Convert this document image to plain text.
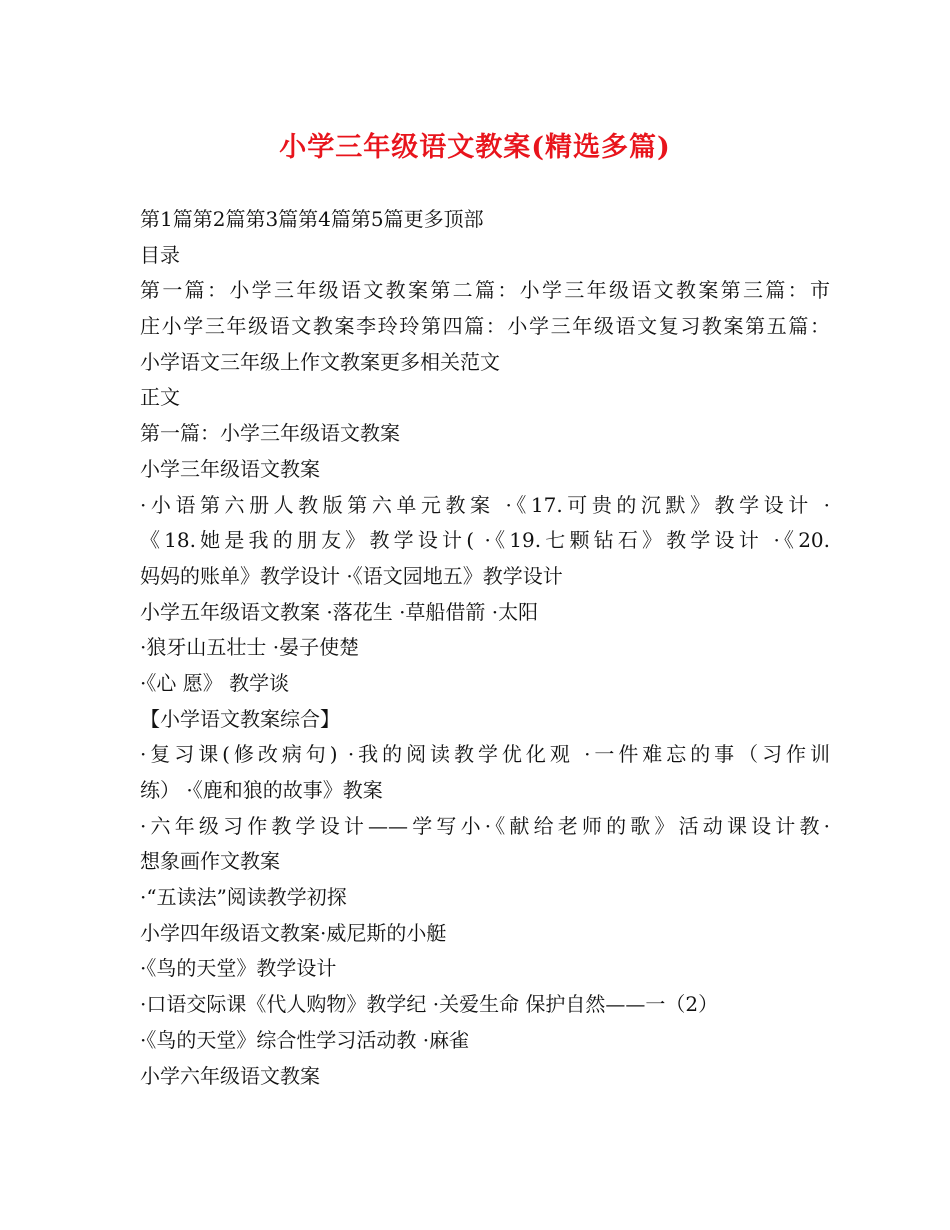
小学三年级语文教案(精选多篇)
第1篇第2篇第3篇第4篇第5篇更多顶部
目录
第一篇：小学三年级语文教案第二篇：小学三年级语文教案第三篇：市
庄小学三年级语文教案李玲玲第四篇：小学三年级语文复习教案第五篇：
小学语文三年级上作文教案更多相关范文
正文
第一篇：小学三年级语文教案
小学三年级语文教案
·小语第六册人教版第六单元教案 ·《17.可贵的沉默》教学设计 ·
《18.她是我的朋友》教学设计( ·《19.七颗钻石》教学设计 ·《20.
妈妈的账单》教学设计 ·《语文园地五》教学设计
小学五年级语文教案 ·落花生 ·草船借箭 ·太阳
·狼牙山五壮士 ·晏子使楚
·《心 愿》 教学谈
【小学语文教案综合】
·复习课(修改病句) ·我的阅读教学优化观 ·一件难忘的事（习作训
练） ·《鹿和狼的故事》教案
·六年级习作教学设计——学写小·《献给老师的歌》活动课设计教·
想象画作文教案
·“五读法”阅读教学初探
小学四年级语文教案·威尼斯的小艇
·《鸟的天堂》教学设计
·口语交际课《代人购物》教学纪 ·关爱生命 保护自然——一（2）
·《鸟的天堂》综合性学习活动教 ·麻雀
小学六年级语文教案
